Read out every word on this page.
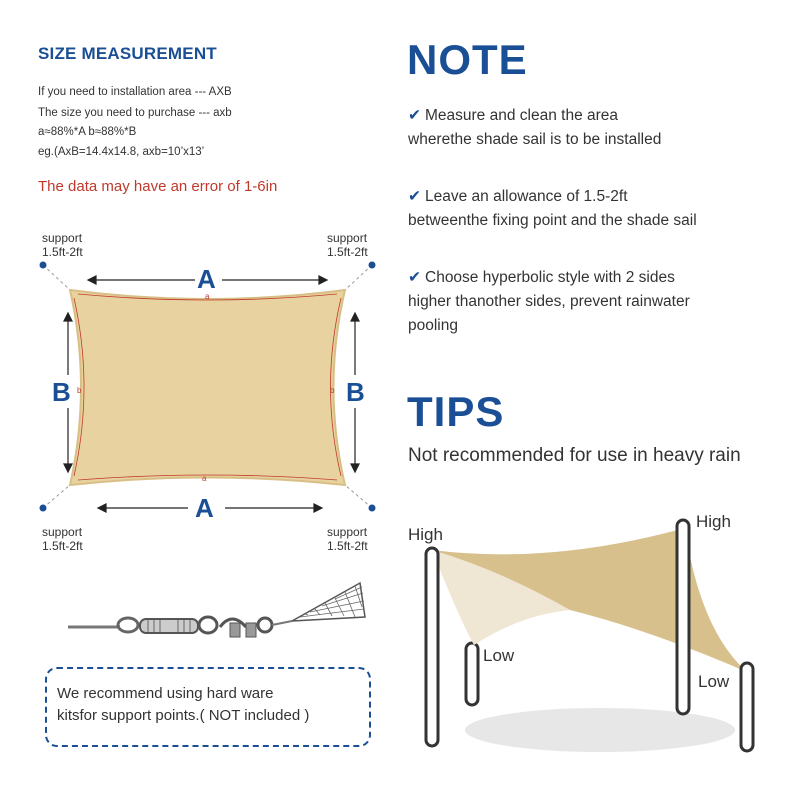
SIZE MEASUREMENT
If you need to installation area --- AXB
The size you need to purchase --- axb
a≈88%*A b≈88%*B
eg.(AxB=14.4x14.8, axb=10’x13’
The data may have an error of 1-6in
support
1.5ft-2ft
support
1.5ft-2ft
support
1.5ft-2ft
support
1.5ft-2ft
A
A
B	B
a
a
b	b
We recommend using hard ware
kitsfor support points.( NOT included )
NOTE
✔ Measure and clean the area
wherethe shade sail is to be installed
✔ Leave an allowance of 1.5-2ft
betweenthe fixing point and the shade sail
✔ Choose hyperbolic style with 2 sides
higher thanother sides, prevent rainwater
pooling
TIPS
Not recommended for use in heavy rain
High
High
Low
Low
